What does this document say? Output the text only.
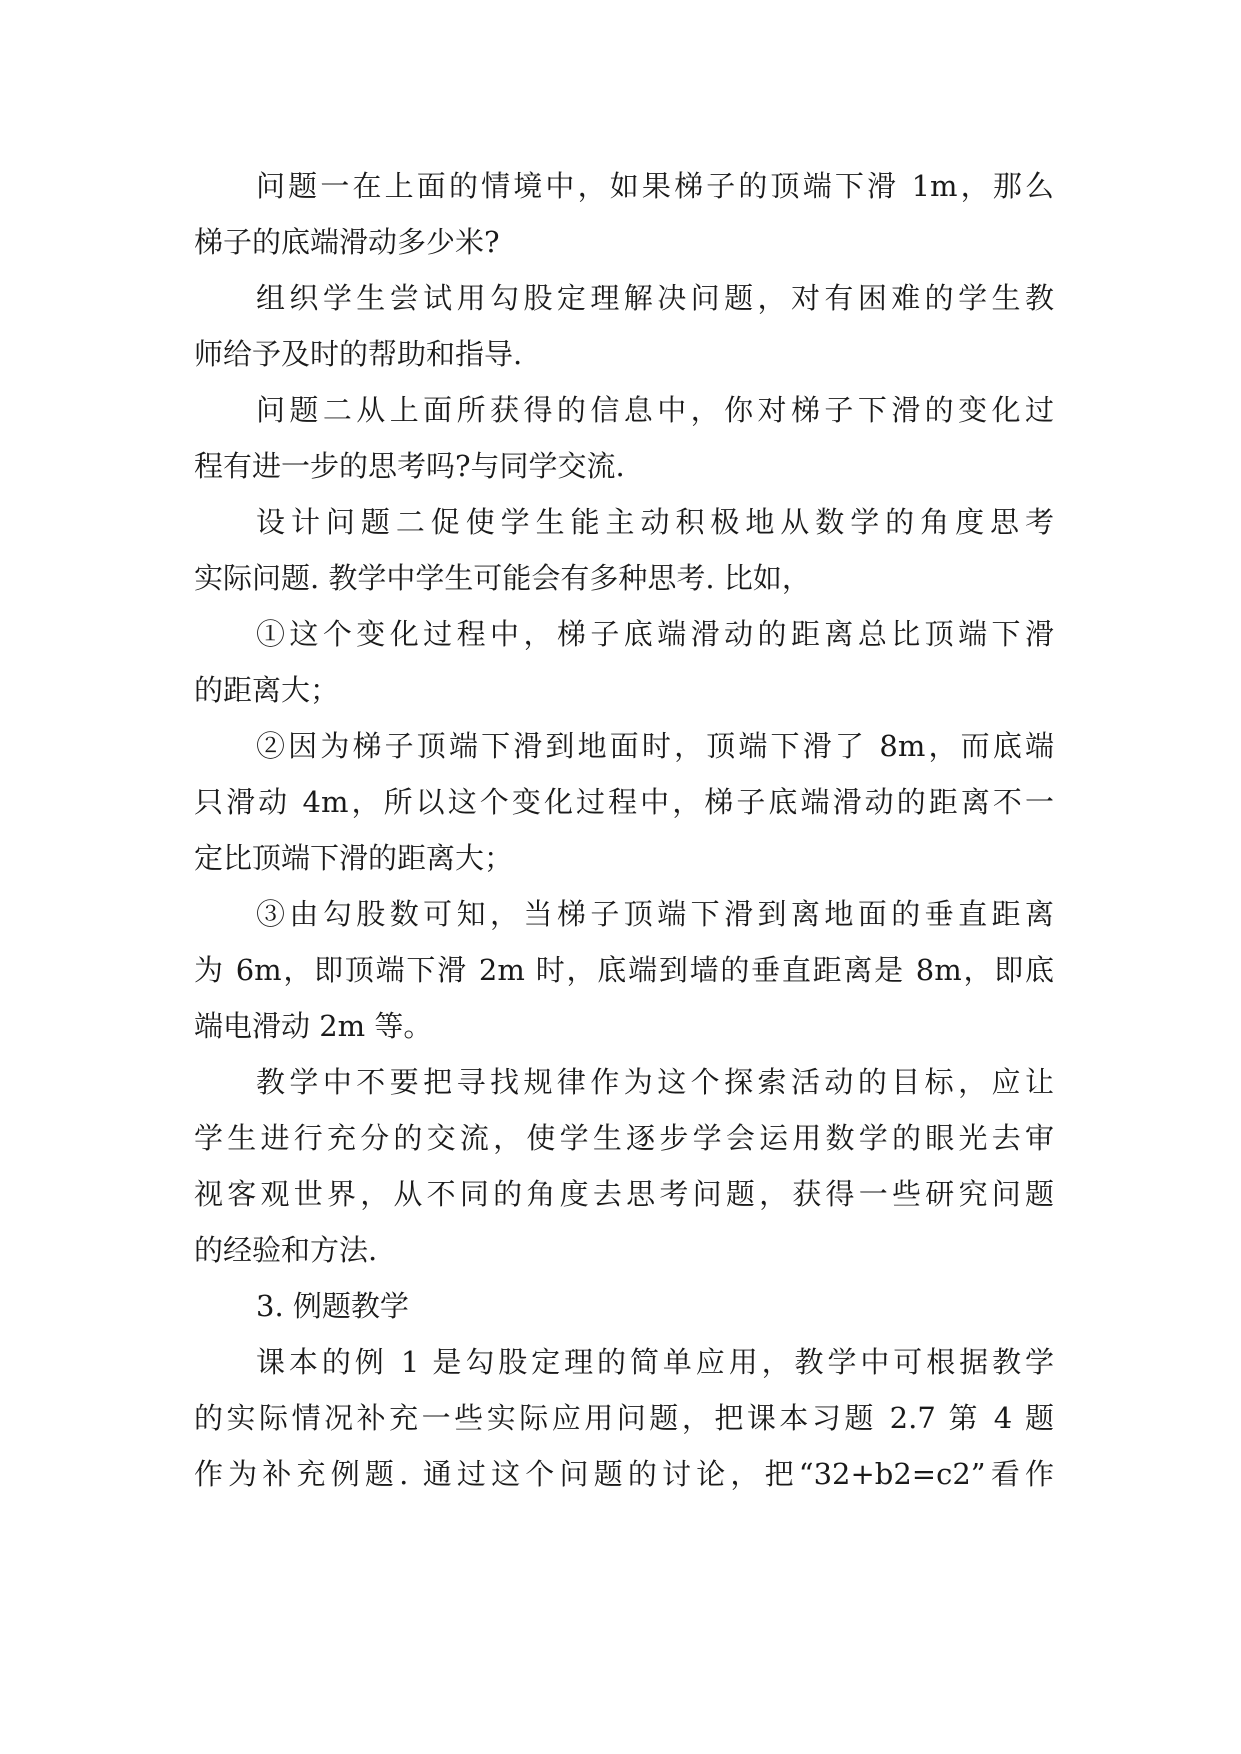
问题一在上面的情境中，如果梯子的顶端下滑 1m，那么
梯子的底端滑动多少米?
组织学生尝试用勾股定理解决问题，对有困难的学生教
师给予及时的帮助和指导.
问题二从上面所获得的信息中，你对梯子下滑的变化过
程有进一步的思考吗?与同学交流.
设计问题二促使学生能主动积极地从数学的角度思考
实际问题. 教学中学生可能会有多种思考. 比如，
①这个变化过程中，梯子底端滑动的距离总比顶端下滑
的距离大；
②因为梯子顶端下滑到地面时，顶端下滑了 8m，而底端
只滑动 4m，所以这个变化过程中，梯子底端滑动的距离不一
定比顶端下滑的距离大；
③由勾股数可知，当梯子顶端下滑到离地面的垂直距离
为 6m，即顶端下滑 2m 时，底端到墙的垂直距离是 8m，即底
端电滑动 2m 等。
教学中不要把寻找规律作为这个探索活动的目标，应让
学生进行充分的交流，使学生逐步学会运用数学的眼光去审
视客观世界，从不同的角度去思考问题，获得一些研究问题
的经验和方法.
3. 例题教学
课本的例 1 是勾股定理的简单应用，教学中可根据教学
的实际情况补充一些实际应用问题，把课本习题 2.7 第 4 题
作为补充例题. 通过这个问题的讨论，把“32+b2=c2”看作
